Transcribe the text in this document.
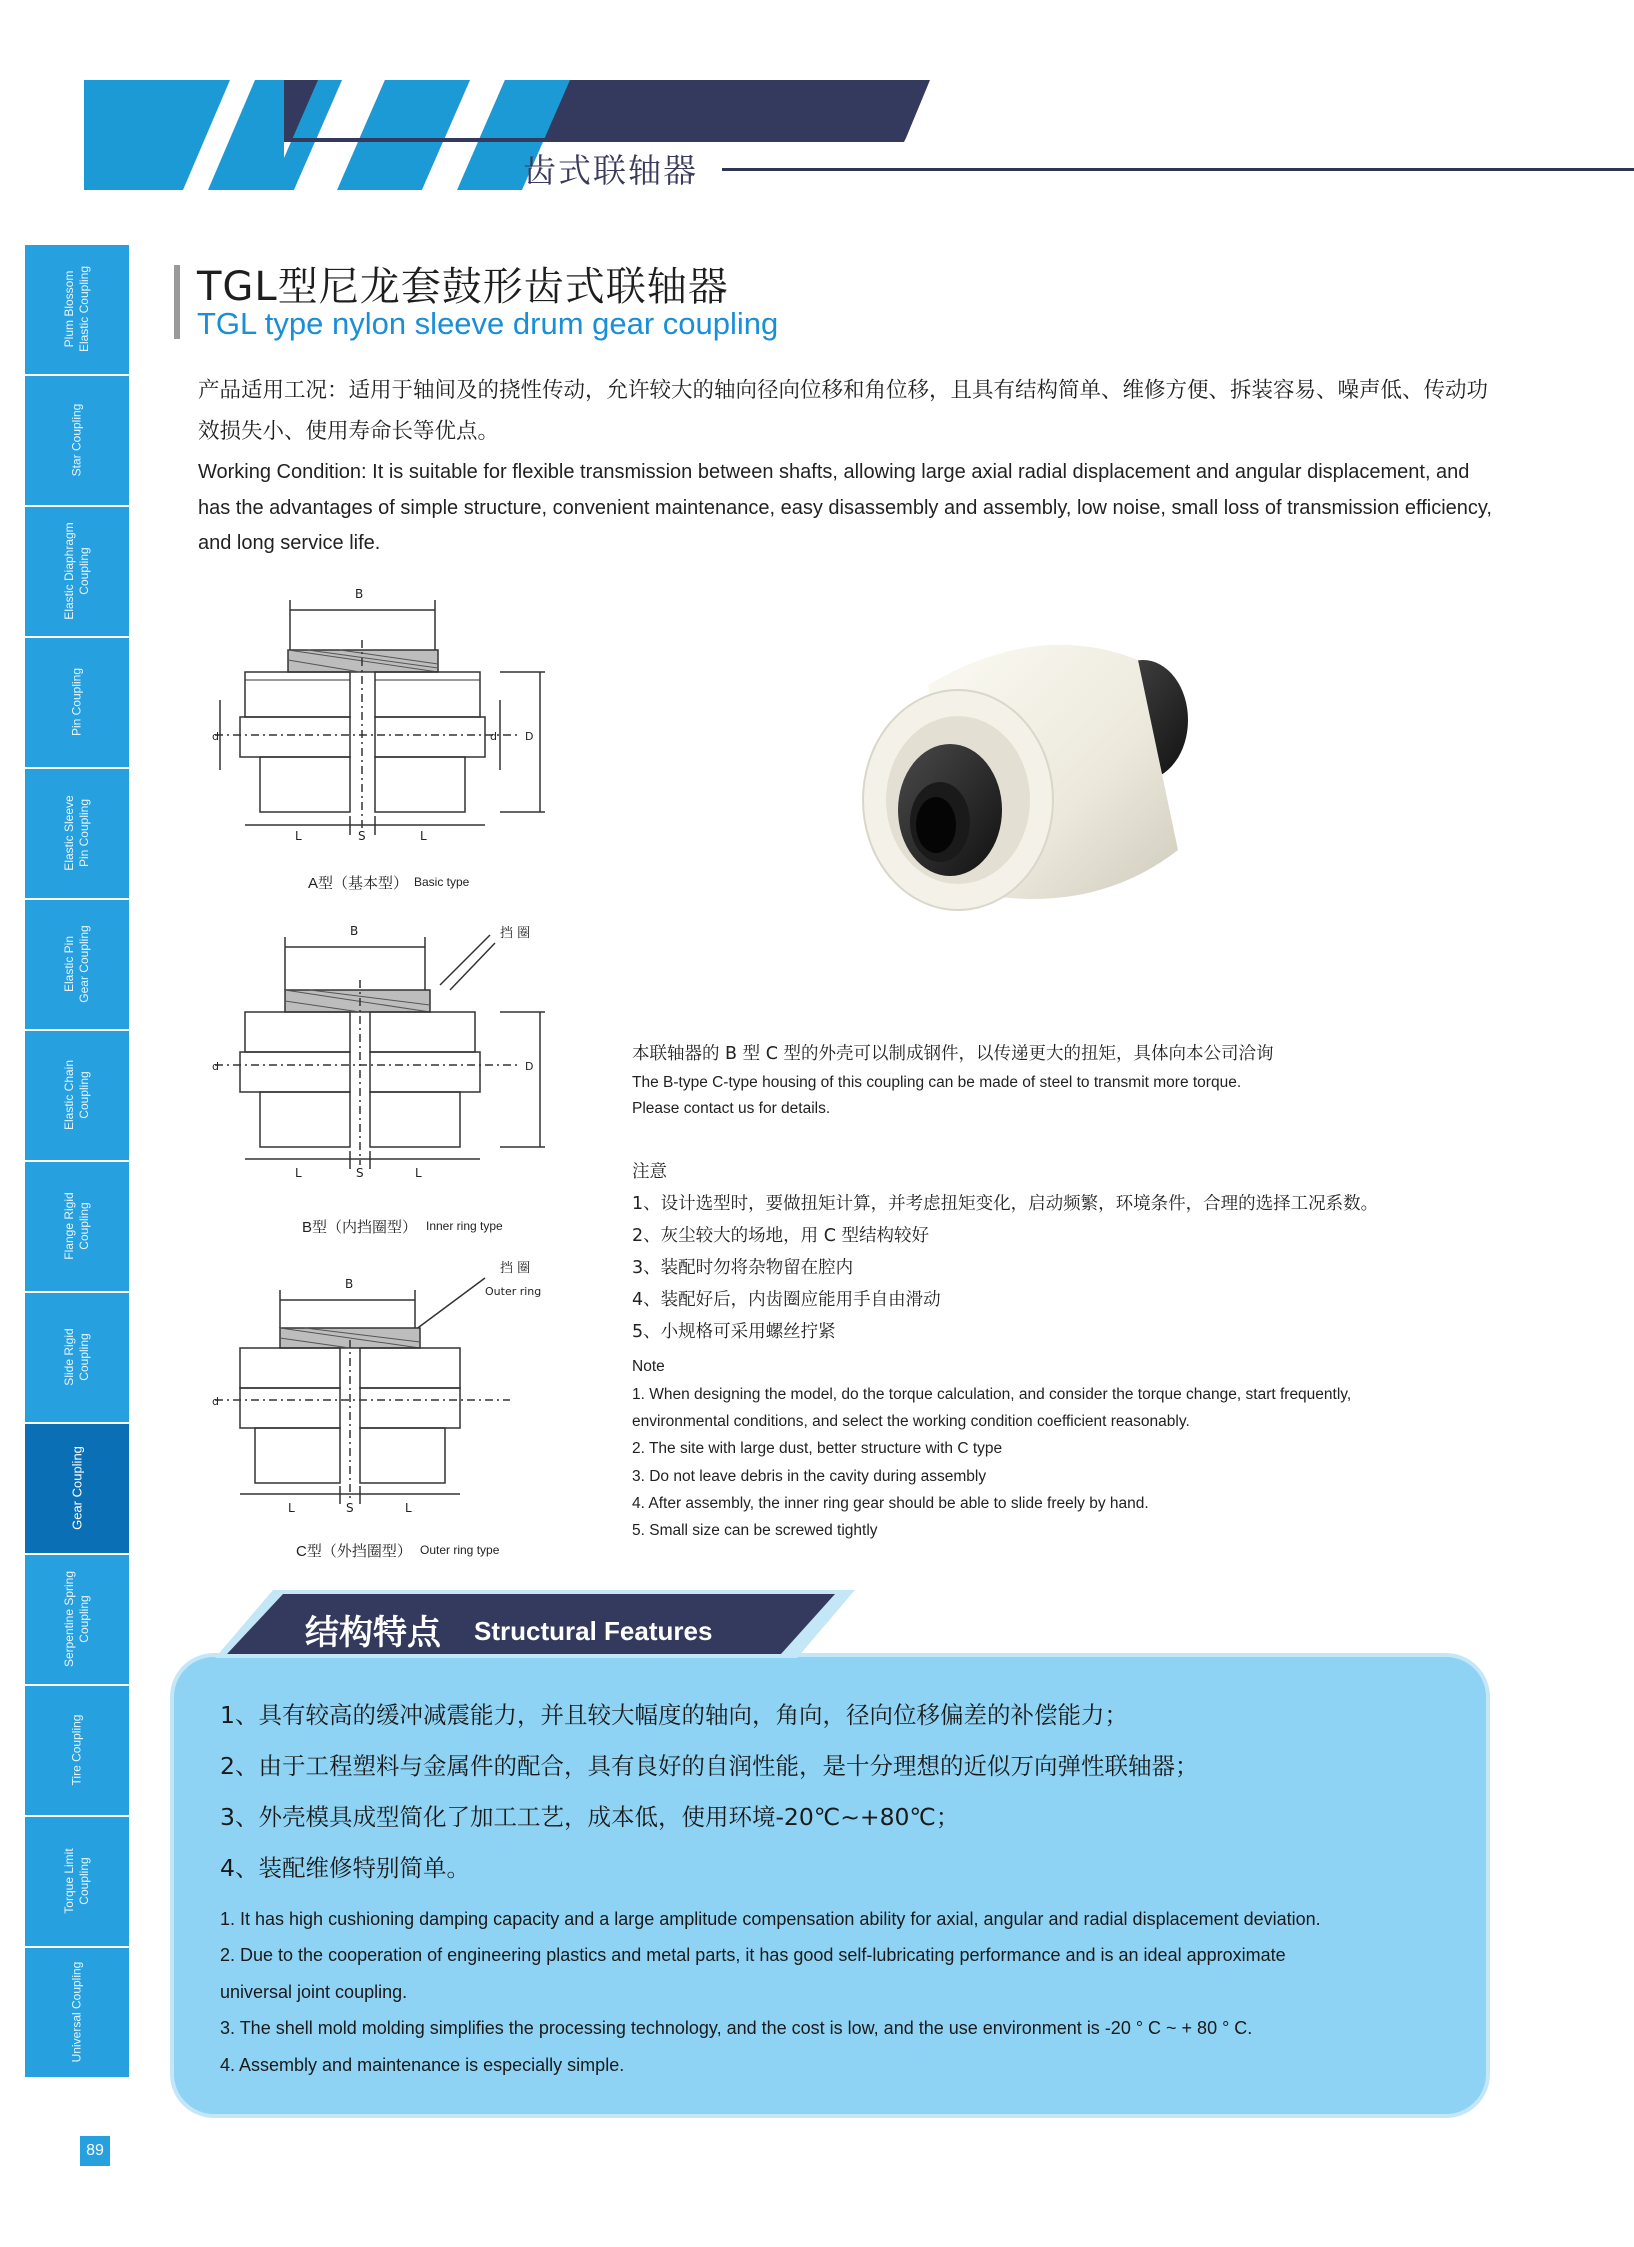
齿式联轴器
Plum Blossom
Elastic Coupling
Star Coupling
Elastic Diaphragm
Coupling
Pin Coupling
Elastic Sleeve
Pin Coupling
Elastic Pin
Gear Coupling
Elastic Chain
Coupling
Flange Rigid
Coupling
Slide Rigid
Coupling
Gear Coupling
Serpentine Spring
Coupling
Tire Coupling
Torque Limit
Coupling
Universal Coupling
89
TGL型尼龙套鼓形齿式联轴器
TGL type nylon sleeve drum gear coupling
产品适用工况：适用于轴间及的挠性传动，允许较大的轴向径向位移和角位移，且具有结构简单、维修方便、拆装容易、噪声低、传动功效损失小、使用寿命长等优点。
Working Condition: It is suitable for flexible transmission between shafts, allowing large axial radial displacement and angular displacement, and has the advantages of simple structure, convenient maintenance, easy disassembly and assembly, low noise, small loss of transmission efficiency, and long service life.
B
L	S	L
d	d	D
A型（基本型） Basic type
B
L	S	L
d	D
挡 圈
B型（内挡圈型） Inner ring type
B
L	S	L
d
挡 圈
Outer ring
C型（外挡圈型） Outer ring type
本联轴器的 B 型 C 型的外壳可以制成钢件，以传递更大的扭矩，具体向本公司洽询
The B-type C-type housing of this coupling can be made of steel to transmit more torque.
Please contact us for details.
注意
1、设计选型时，要做扭矩计算，并考虑扭矩变化，启动频繁，环境条件，合理的选择工况系数。
2、灰尘较大的场地，用 C 型结构较好
3、装配时勿将杂物留在腔内
4、装配好后，内齿圈应能用手自由滑动
5、小规格可采用螺丝拧紧
Note
1. When designing the model, do the torque calculation, and consider the torque change, start frequently,
environmental conditions, and select the working condition coefficient reasonably.
2. The site with large dust, better structure with C type
3. Do not leave debris in the cavity during assembly
4. After assembly, the inner ring gear should be able to slide freely by hand.
5. Small size can be screwed tightly
结构特点 Structural Features
1、具有较高的缓冲减震能力，并且较大幅度的轴向，角向，径向位移偏差的补偿能力；
2、由于工程塑料与金属件的配合，具有良好的自润性能，是十分理想的近似万向弹性联轴器；
3、外壳模具成型简化了加工工艺，成本低，使用环境-20℃~+80℃；
4、装配维修特别简单。
1. It has high cushioning damping capacity and a large amplitude compensation ability for axial, angular and radial displacement deviation.
2. Due to the cooperation of engineering plastics and metal parts, it has good self-lubricating performance and is an ideal approximate
universal joint coupling.
3. The shell mold molding simplifies the processing technology, and the cost is low, and the use environment is -20 ° C ~ + 80 ° C.
4. Assembly and maintenance is especially simple.
